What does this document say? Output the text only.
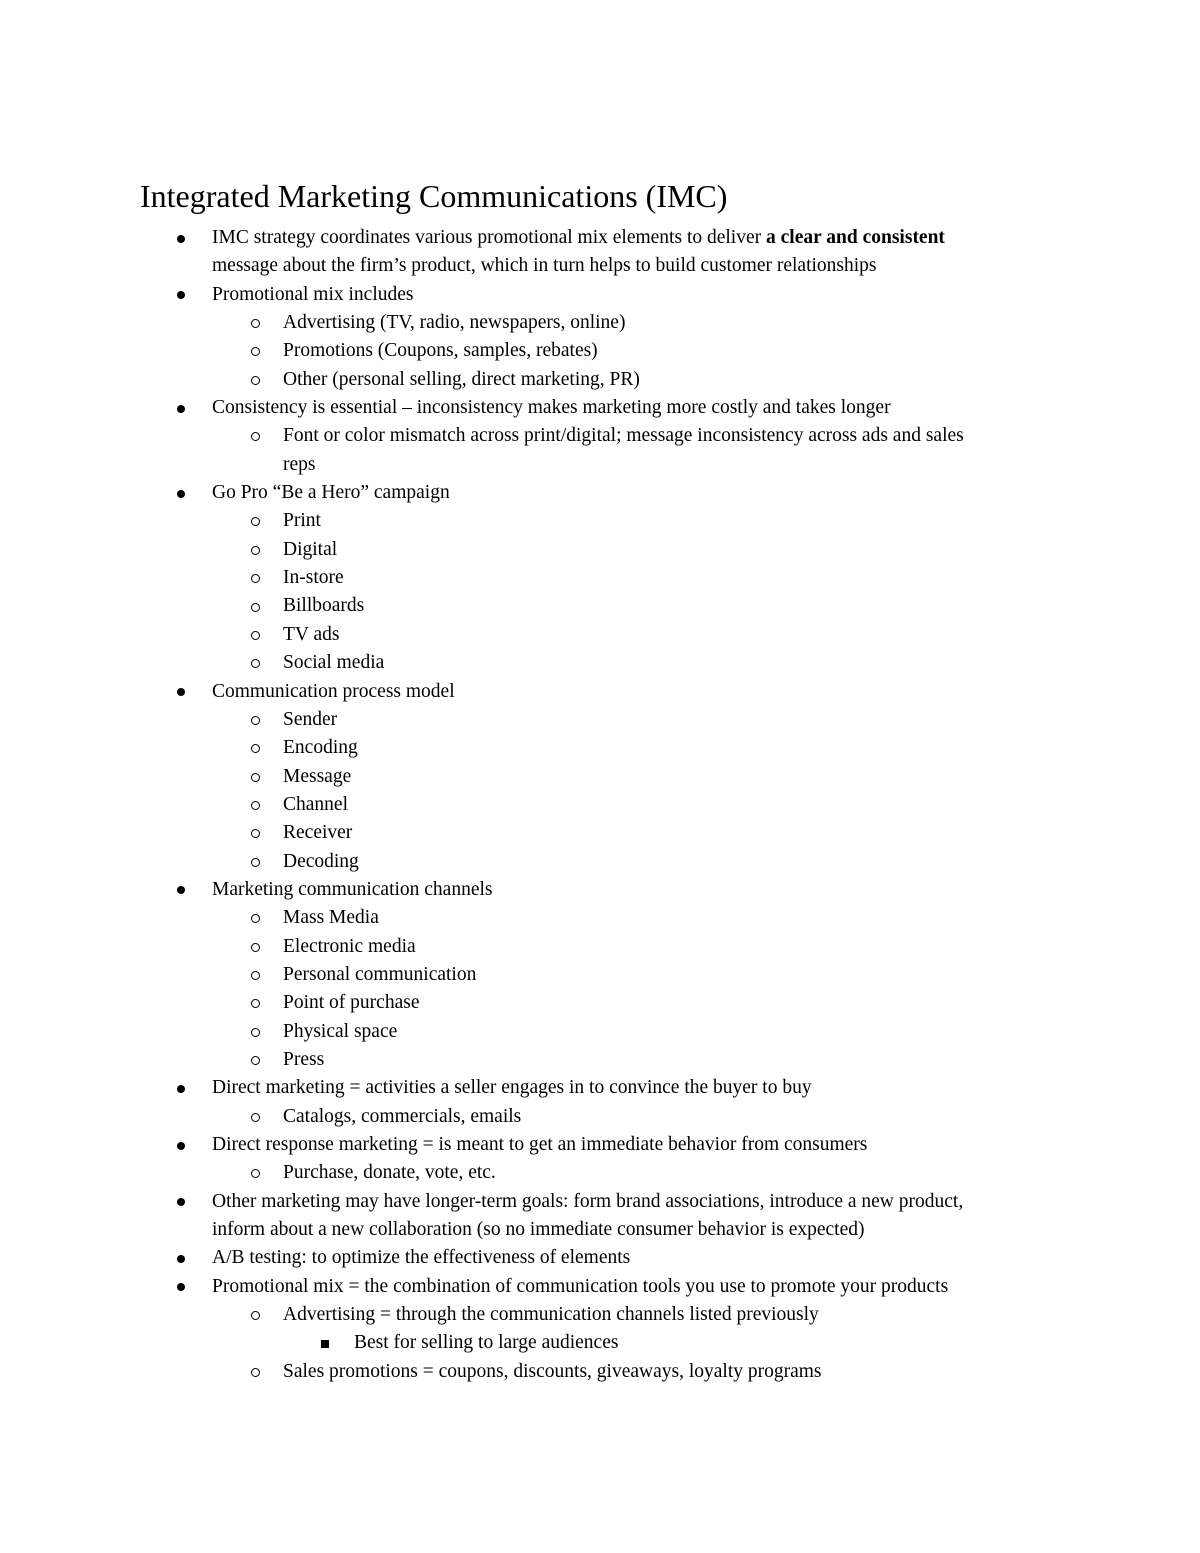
Integrated Marketing Communications (IMC)
IMC strategy coordinates various promotional mix elements to deliver a clear and consistent
message about the firm’s product, which in turn helps to build customer relationships
Promotional mix includes
Advertising (TV, radio, newspapers, online)
Promotions (Coupons, samples, rebates)
Other (personal selling, direct marketing, PR)
Consistency is essential – inconsistency makes marketing more costly and takes longer
Font or color mismatch across print/digital; message inconsistency across ads and sales
reps
Go Pro “Be a Hero” campaign
Print
Digital
In-store
Billboards
TV ads
Social media
Communication process model
Sender
Encoding
Message
Channel
Receiver
Decoding
Marketing communication channels
Mass Media
Electronic media
Personal communication
Point of purchase
Physical space
Press
Direct marketing = activities a seller engages in to convince the buyer to buy
Catalogs, commercials, emails
Direct response marketing = is meant to get an immediate behavior from consumers
Purchase, donate, vote, etc.
Other marketing may have longer-term goals: form brand associations, introduce a new product,
inform about a new collaboration (so no immediate consumer behavior is expected)
A/B testing: to optimize the effectiveness of elements
Promotional mix = the combination of communication tools you use to promote your products
Advertising = through the communication channels listed previously
Best for selling to large audiences
Sales promotions = coupons, discounts, giveaways, loyalty programs
